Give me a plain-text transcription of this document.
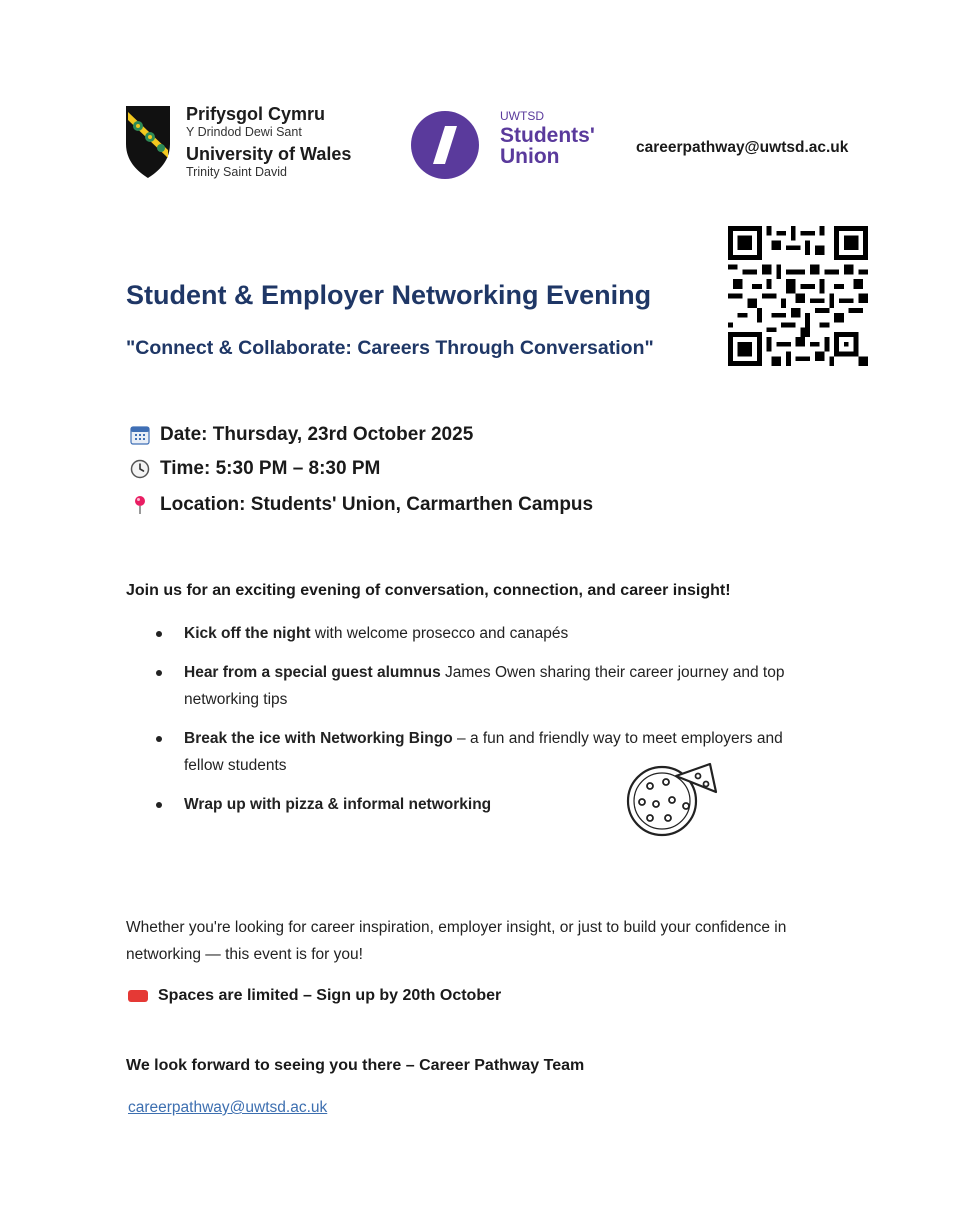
Prifysgol Cymru
Y Drindod Dewi Sant
University of Wales
Trinity Saint David
UWTSD
Students'
Union	careerpathway@uwtsd.ac.uk
Student & Employer Networking Evening
"Connect & Collaborate: Careers Through Conversation"
Date: Thursday, 23rd October 2025
Time: 5:30 PM – 8:30 PM
Location: Students' Union, Carmarthen Campus
Join us for an exciting evening of conversation, connection, and career insight!
Kick off the night with welcome prosecco and canapés
Hear from a special guest alumnus James Owen sharing their career journey and top networking tips
Break the ice with Networking Bingo – a fun and friendly way to meet employers and fellow students
Wrap up with pizza & informal networking
Whether you're looking for career inspiration, employer insight, or just to build your confidence in networking — this event is for you!
Spaces are limited – Sign up by 20th October
We look forward to seeing you there – Career Pathway Team
careerpathway@uwtsd.ac.uk
